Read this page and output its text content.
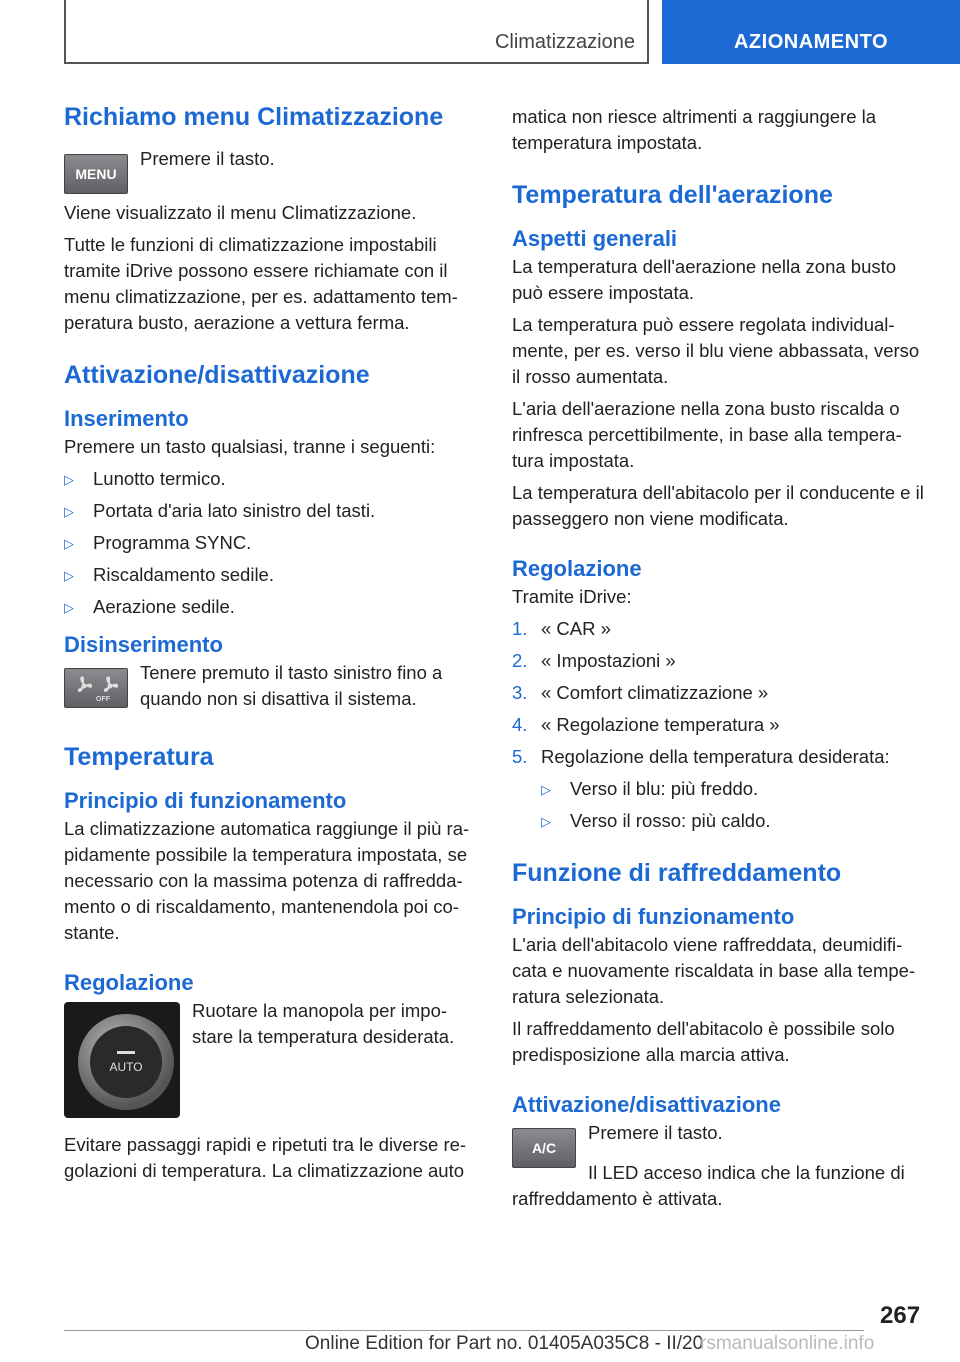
Climatizzazione	AZIONAMENTO
Richiamo menu Climatizzazione
MENU

Premere il tasto.

Viene visualizzato il menu Climatizzazione.

Tutte le funzioni di climatizzazione impostabili tramite iDrive possono essere richiamate con il menu climatizzazione, per es. adattamento temperatura busto, aerazione a vettura ferma.

Attivazione/disattivazione
Inserimento

Premere un tasto qualsiasi, tranne i seguenti:

▷ Lunotto termico.
▷ Portata d'aria lato sinistro del tasti.
▷ Programma SYNC.
▷ Riscaldamento sedile.
▷ Aerazione sedile.
Disinserimento
OFF

Tenere premuto il tasto sinistro fino a quando non si disattiva il sistema.

Temperatura
Principio di funzionamento

La climatizzazione automatica raggiunge il più rapidamente possibile la temperatura impostata, se necessario con la massima potenza di raffreddamento o di riscaldamento, mantenendola poi costante.

Regolazione
AUTO

Ruotare la manopola per impostare la temperatura desiderata.

Evitare passaggi rapidi e ripetuti tra le diverse regolazioni di temperatura. La climatizzazione auto

matica non riesce altrimenti a raggiungere la temperatura impostata.

Temperatura dell'aerazione
Aspetti generali

La temperatura dell'aerazione nella zona busto può essere impostata.

La temperatura può essere regolata individualmente, per es. verso il blu viene abbassata, verso il rosso aumentata.

L'aria dell'aerazione nella zona busto riscalda o rinfresca percettibilmente, in base alla temperatura impostata.

La temperatura dell'abitacolo per il conducente e il passeggero non viene modificata.

Regolazione

Tramite iDrive:

1. « CAR »
2. « Impostazioni »
3. « Comfort climatizzazione »
4. « Regolazione temperatura »
5. Regolazione della temperatura desiderata:
▷ Verso il blu: più freddo.
▷ Verso il rosso: più caldo.
Funzione di raffreddamento
Principio di funzionamento

L'aria dell'abitacolo viene raffreddata, deumidificata e nuovamente riscaldata in base alla temperatura selezionata.

Il raffreddamento dell'abitacolo è possibile solo predisposizione alla marcia attiva.

Attivazione/disattivazione
A/C

Premere il tasto.

Il LED acceso indica che la funzione di raffreddamento è attivata.

267
Online Edition for Part no. 01405A035C8 - II/20
rsmanualsonline.info
